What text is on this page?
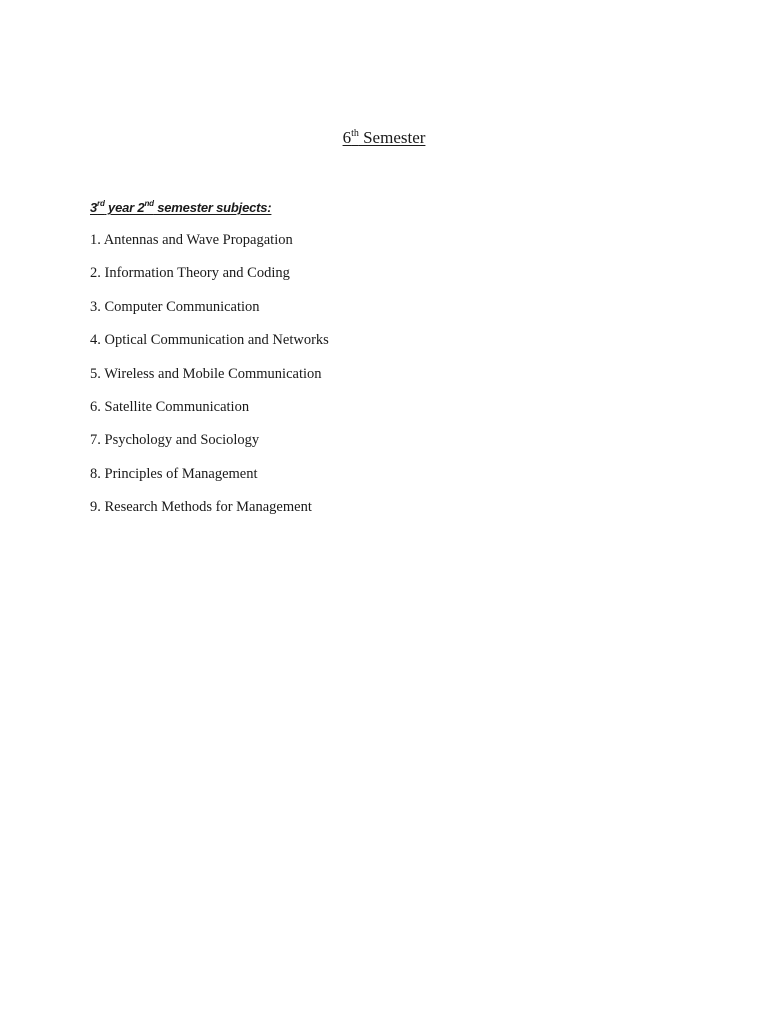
6th Semester
3rd year 2nd semester subjects:
1. Antennas and Wave Propagation
2. Information Theory and Coding
3. Computer Communication
4. Optical Communication and Networks
5. Wireless and Mobile Communication
6. Satellite Communication
7. Psychology and Sociology
8. Principles of Management
9. Research Methods for Management
